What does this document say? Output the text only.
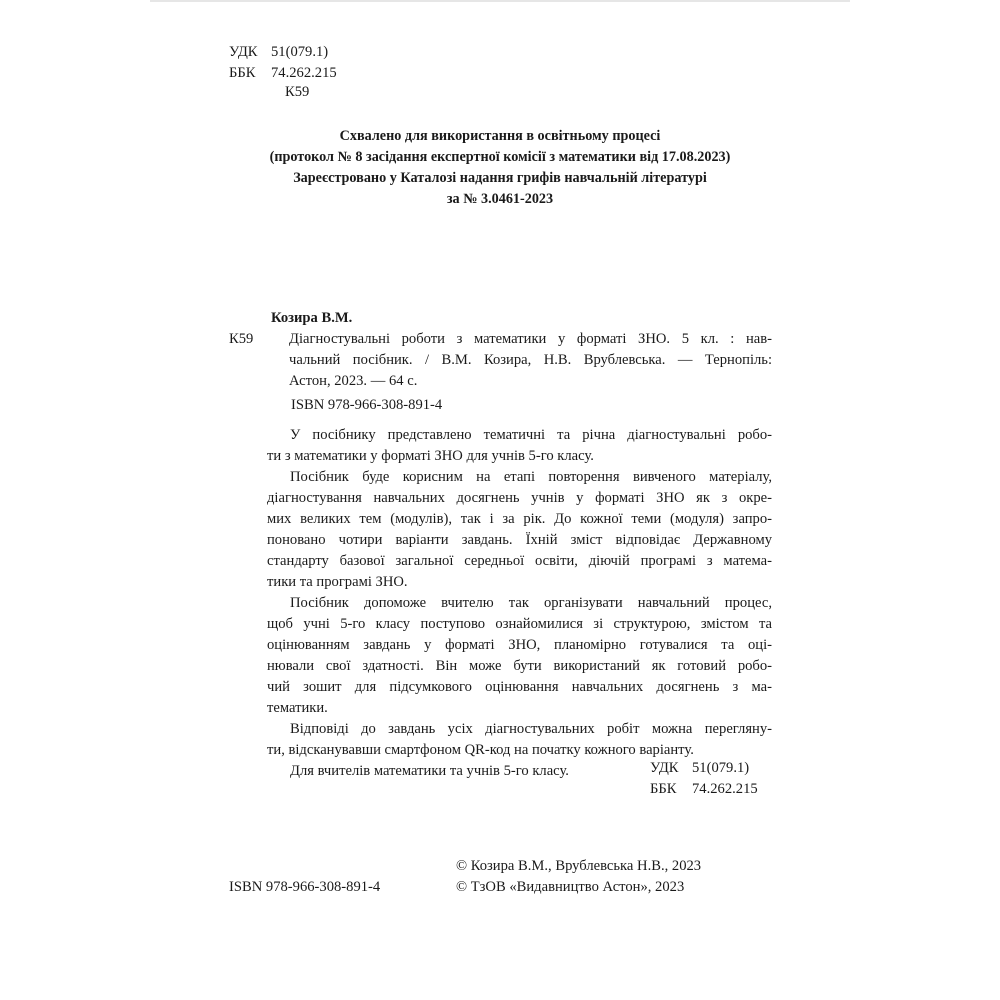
УДК 51(079.1)
ББК 74.262.215
К59
Схвалено для використання в освітньому процесі
(протокол № 8 засідання експертної комісії з математики від 17.08.2023)
Зареєстровано у Каталозі надання грифів навчальній літературі
за № 3.0461-2023
Козира В.М.
К59 Діагностувальні роботи з математики у форматі ЗНО. 5 кл. : нав-
чальний посібник. / В.М. Козира, Н.В. Врублевська. — Тернопіль:
Астон, 2023. — 64 с.
ISBN 978-966-308-891-4
У посібнику представлено тематичні та річна діагностувальні робо-
ти з математики у форматі ЗНО для учнів 5-го класу.
Посібник буде корисним на етапі повторення вивченого матеріалу,
діагностування навчальних досягнень учнів у форматі ЗНО як з окре-
мих великих тем (модулів), так і за рік. До кожної теми (модуля) запро-
поновано чотири варіанти завдань. Їхній зміст відповідає Державному
стандарту базової загальної середньої освіти, діючій програмі з матема-
тики та програмі ЗНО.
Посібник допоможе вчителю так організувати навчальний процес,
щоб учні 5-го класу поступово ознайомилися зі структурою, змістом та
оцінюванням завдань у форматі ЗНО, планомірно готувалися та оці-
нювали свої здатності. Він може бути використаний як готовий робо-
чий зошит для підсумкового оцінювання навчальних досягнень з ма-
тематики.
Відповіді до завдань усіх діагностувальних робіт можна переглянy-
ти, відсканувавши смартфоном QR-код на початку кожного варіанту.
Для вчителів математики та учнів 5-го класу.	УДК 51(079.1)
ББК 74.262.215
© Козира В.М., Врублевська Н.В., 2023
ISBN 978-966-308-891-4	© ТзОВ «Видавництво Астон», 2023
